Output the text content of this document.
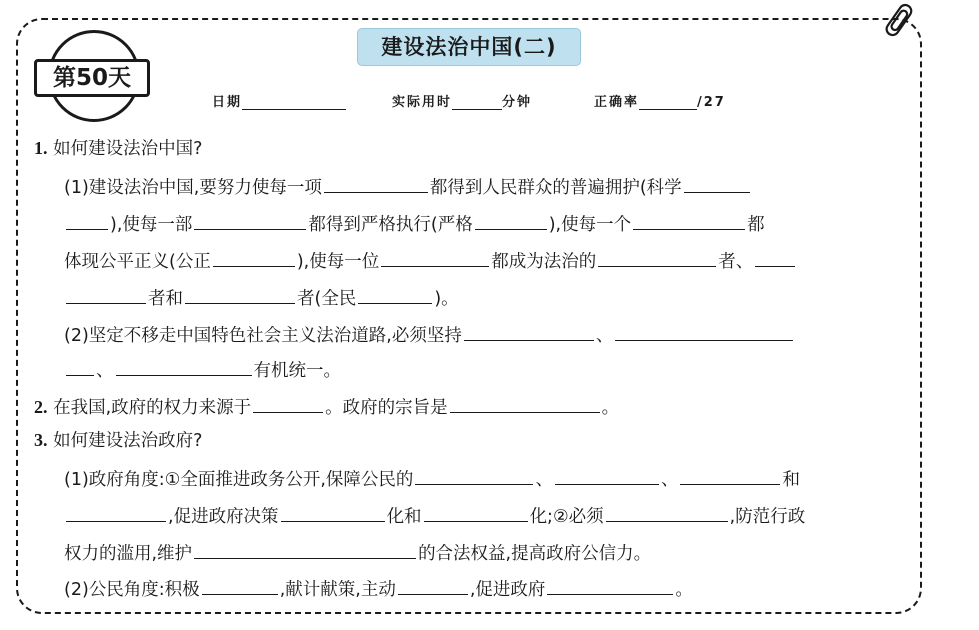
建设法治中国(二)
第50天
日期	实际用时	分钟	正确率	/27
1. 如何建设法治中国?
(1)建设法治中国,要努力使每一项	都得到人民群众的普遍拥护(科学
),使每一部	都得到严格执行(严格	),使每一个	都
体现公平正义(公正	),使每一位	都成为法治的	者、
者和	者(全民	)。
(2)坚定不移走中国特色社会主义法治道路,必须坚持	、
、	有机统一。
2. 在我国,政府的权力来源于	。政府的宗旨是	。
3. 如何建设法治政府?
(1)政府角度:①全面推进政务公开,保障公民的	、	、	和
,促进政府决策	化和	化;②必须	,防范行政
权力的滥用,维护	的合法权益,提高政府公信力。
(2)公民角度:积极	,献计献策,主动	,促进政府	。
